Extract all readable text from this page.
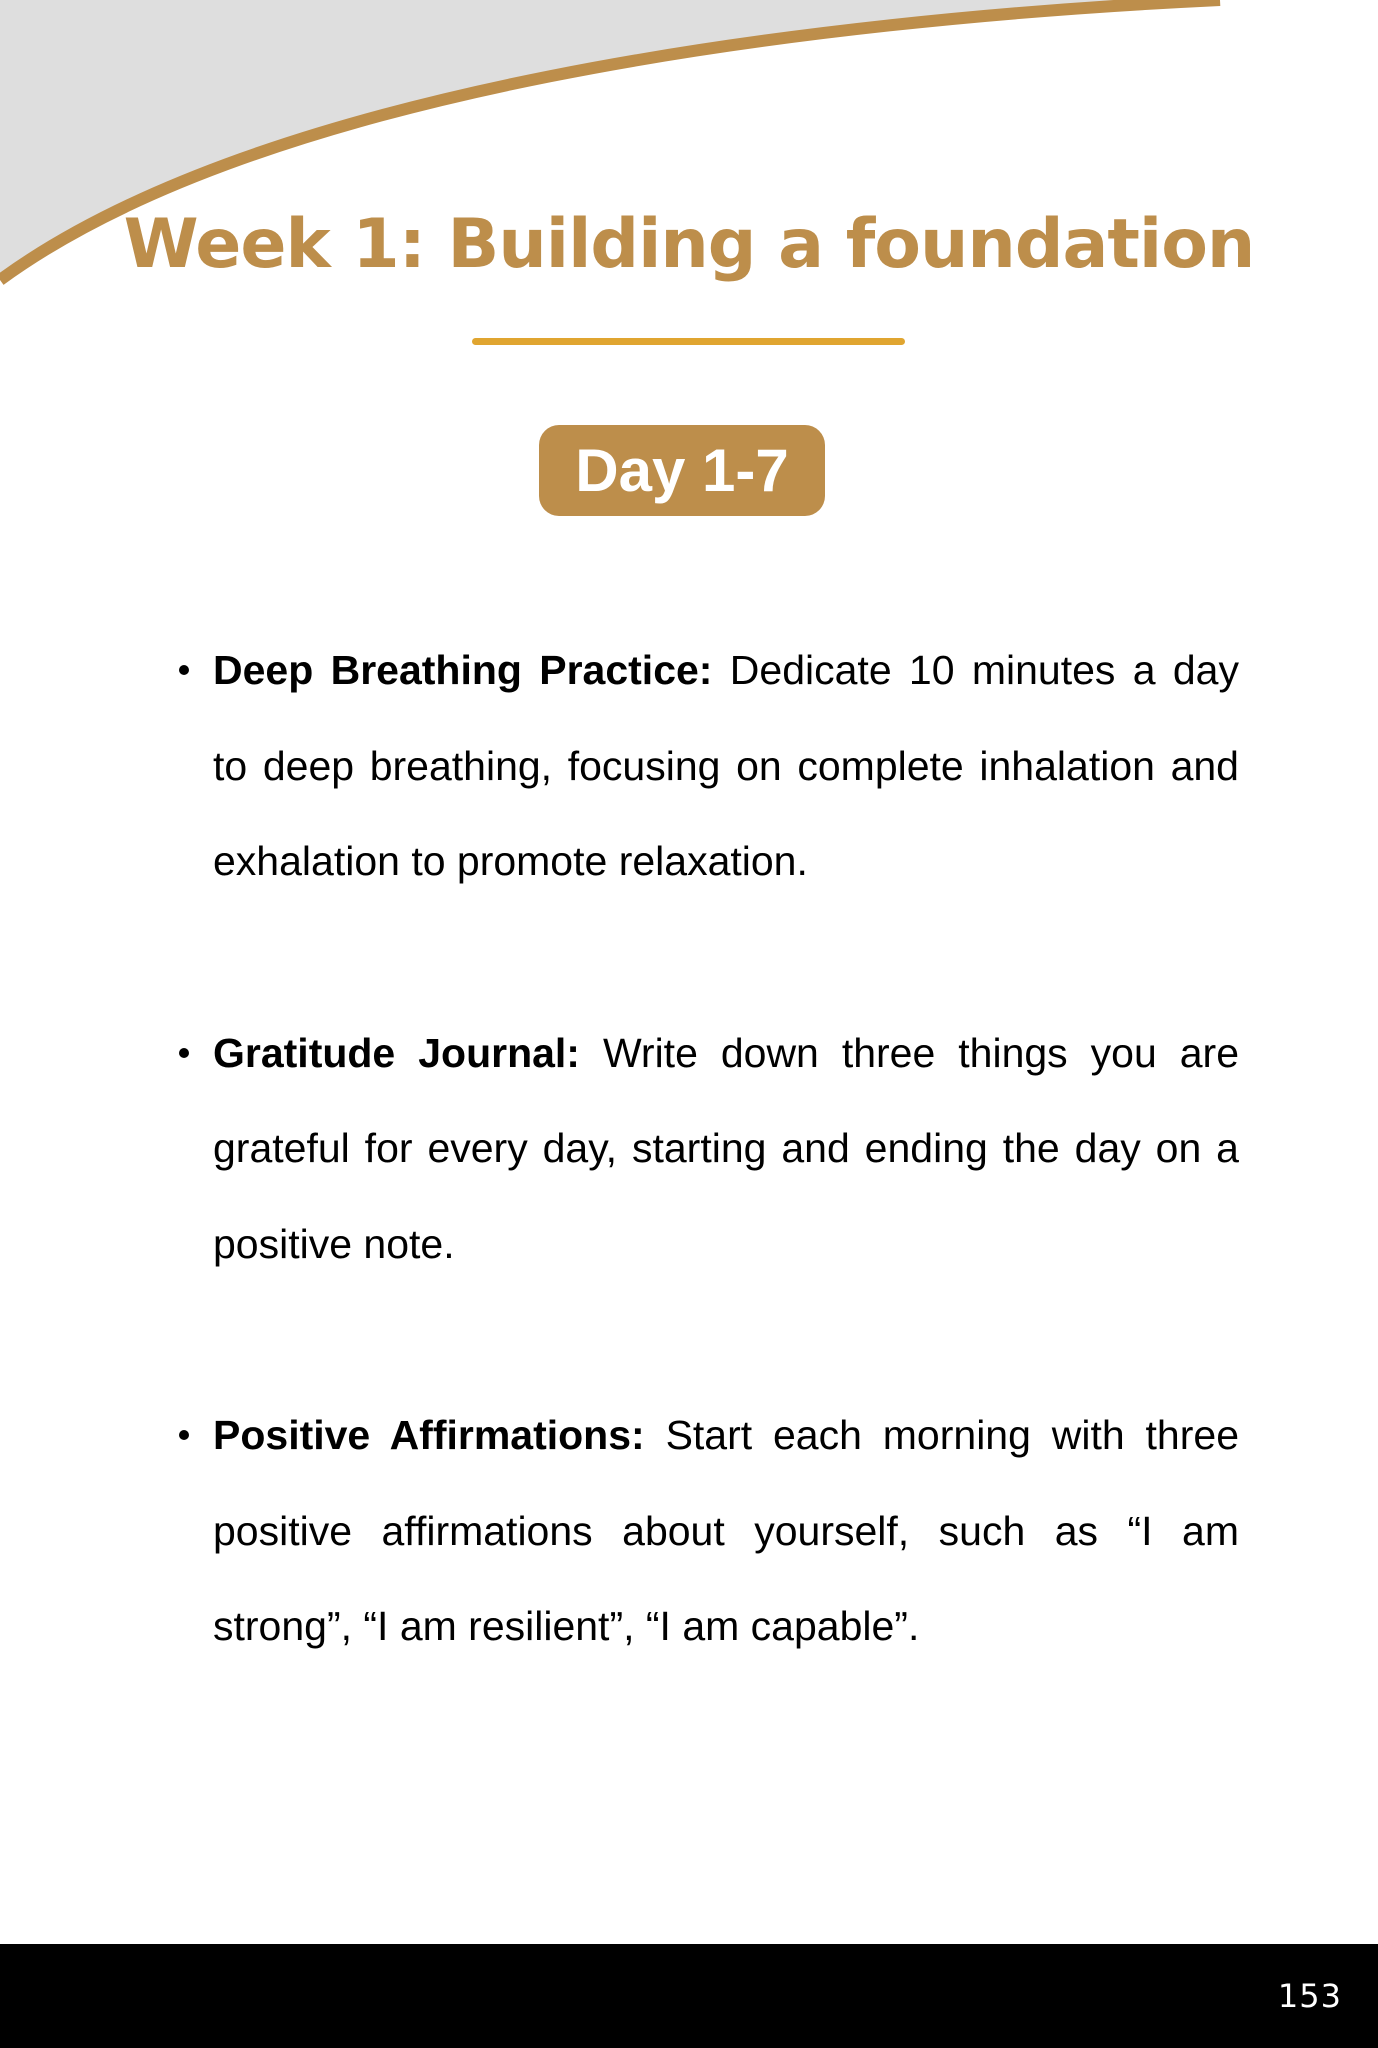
Week 1: Building a foundation
Day 1-7
Deep Breathing Practice: Dedicate 10 minutes a day to deep breathing, focusing on complete inhalation and exhalation to promote relaxation.
Gratitude Journal: Write down three things you are grateful for every day, starting and ending the day on a positive note.
Positive Affirmations: Start each morning with three positive affirmations about yourself, such as “I am strong”, “I am resilient”, “I am capable”.
153
